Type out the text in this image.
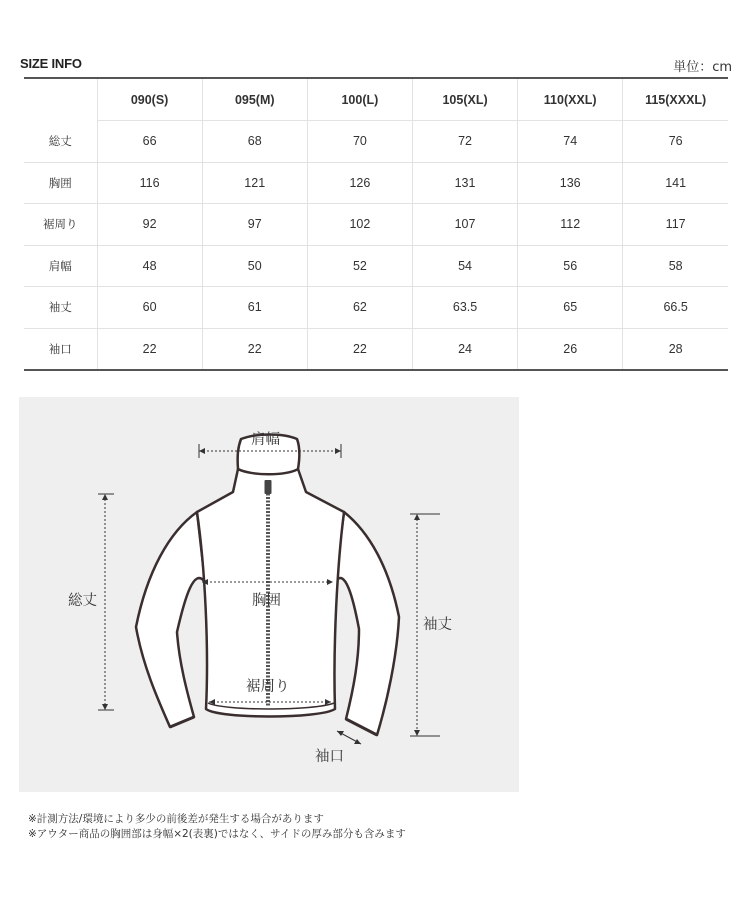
SIZE INFO	単位：cm
	090(S)	095(M)	100(L)	105(XL)	110(XXL)	115(XXXL)
総丈	66	68	70	72	74	76
胸囲	116	121	126	131	136	141
裾周り	92	97	102	107	112	117
肩幅	48	50	52	54	56	58
袖丈	60	61	62	63.5	65	66.5
袖口	22	22	22	24	26	28
肩幅
総丈	胸囲
裾周り
袖丈
袖口
※計測方法/環境により多少の前後差が発生する場合があります
※アウター商品の胸囲部は身幅×2(表裏)ではなく、サイドの厚み部分も含みます
